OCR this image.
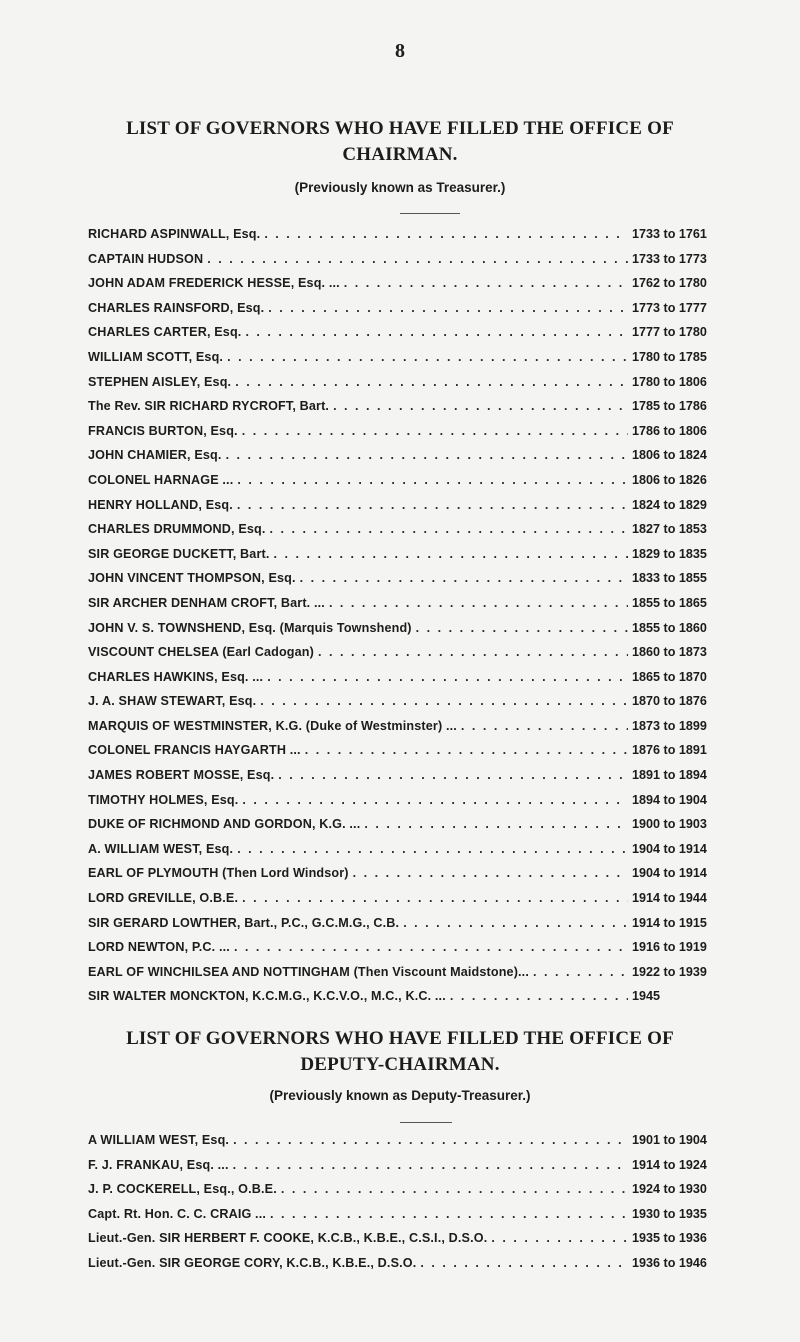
8
LIST OF GOVERNORS WHO HAVE FILLED THE OFFICE OF
CHAIRMAN.
(Previously known as Treasurer.)
RICHARD ASPINWALL, Esq. . . .	1733 to 1761
CAPTAIN HUDSON . . .	1733 to 1773
JOHN ADAM FREDERICK HESSE, Esq. ... . . .	1762 to 1780
CHARLES RAINSFORD, Esq. . . .	1773 to 1777
CHARLES CARTER, Esq. . . .	1777 to 1780
WILLIAM SCOTT, Esq. . . .	1780 to 1785
STEPHEN AISLEY, Esq. . . .	1780 to 1806
The Rev. SIR RICHARD RYCROFT, Bart. . . .	1785 to 1786
FRANCIS BURTON, Esq. . . .	1786 to 1806
JOHN CHAMIER, Esq. . . .	1806 to 1824
COLONEL HARNAGE ... . . .	1806 to 1826
HENRY HOLLAND, Esq. . . .	1824 to 1829
CHARLES DRUMMOND, Esq. . . .	1827 to 1853
SIR GEORGE DUCKETT, Bart. . . .	1829 to 1835
JOHN VINCENT THOMPSON, Esq. . . .	1833 to 1855
SIR ARCHER DENHAM CROFT, Bart. ... . . .	1855 to 1865
JOHN V. S. TOWNSHEND, Esq. (Marquis Townshend) . . .	1855 to 1860
VISCOUNT CHELSEA (Earl Cadogan) . . .	1860 to 1873
CHARLES HAWKINS, Esq. ... . . .	1865 to 1870
J. A. SHAW STEWART, Esq. . . .	1870 to 1876
MARQUIS OF WESTMINSTER, K.G. (Duke of Westminster) ... . . .	1873 to 1899
COLONEL FRANCIS HAYGARTH ... . . .	1876 to 1891
JAMES ROBERT MOSSE, Esq. . . .	1891 to 1894
TIMOTHY HOLMES, Esq. . . .	1894 to 1904
DUKE OF RICHMOND AND GORDON, K.G. ... . . .	1900 to 1903
A. WILLIAM WEST, Esq. . . .	1904 to 1914
EARL OF PLYMOUTH (Then Lord Windsor) . . .	1904 to 1914
LORD GREVILLE, O.B.E. . . .	1914 to 1944
SIR GERARD LOWTHER, Bart., P.C., G.C.M.G., C.B. . . .	1914 to 1915
LORD NEWTON, P.C. ... . . .	1916 to 1919
EARL OF WINCHILSEA AND NOTTINGHAM (Then Viscount Maidstone)... . . .	1922 to 1939
SIR WALTER MONCKTON, K.C.M.G., K.C.V.O., M.C., K.C. ... . . .	1945
LIST OF GOVERNORS WHO HAVE FILLED THE OFFICE OF
DEPUTY-CHAIRMAN.
(Previously known as Deputy-Treasurer.)
A WILLIAM WEST, Esq. . . .	1901 to 1904
F. J. FRANKAU, Esq. ... . . .	1914 to 1924
J. P. COCKERELL, Esq., O.B.E. . . .	1924 to 1930
Capt. Rt. Hon. C. C. CRAIG ... . . .	1930 to 1935
Lieut.-Gen. SIR HERBERT F. COOKE, K.C.B., K.B.E., C.S.I., D.S.O. . . .	1935 to 1936
Lieut.-Gen. SIR GEORGE CORY, K.C.B., K.B.E., D.S.O. . . .	1936 to 1946
